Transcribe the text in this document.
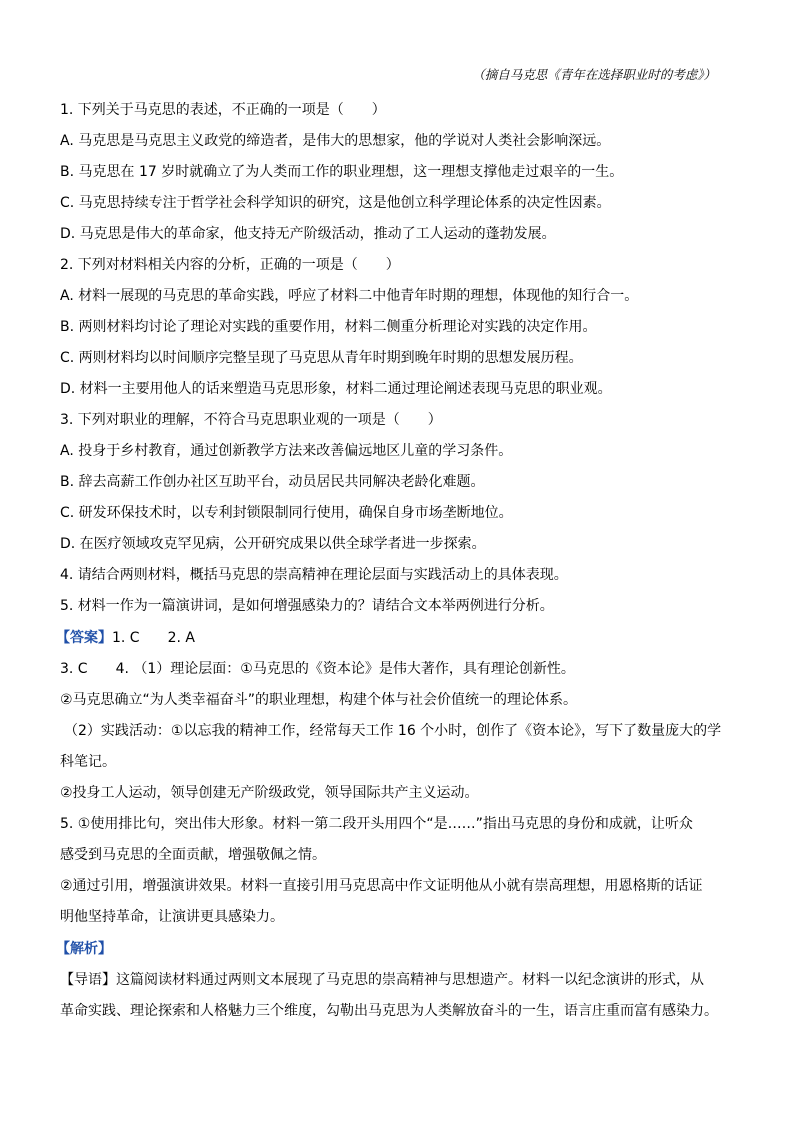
（摘自马克思《青年在选择职业时的考虑》）
1. 下列关于马克思的表述，不正确的一项是（　　）
A. 马克思是马克思主义政党的缔造者，是伟大的思想家，他的学说对人类社会影响深远。
B. 马克思在 17 岁时就确立了为人类而工作的职业理想，这一理想支撑他走过艰辛的一生。
C. 马克思持续专注于哲学社会科学知识的研究，这是他创立科学理论体系的决定性因素。
D. 马克思是伟大的革命家，他支持无产阶级活动，推动了工人运动的蓬勃发展。
2. 下列对材料相关内容的分析，正确的一项是（　　）
A. 材料一展现的马克思的革命实践，呼应了材料二中他青年时期的理想，体现他的知行合一。
B. 两则材料均讨论了理论对实践的重要作用，材料二侧重分析理论对实践的决定作用。
C. 两则材料均以时间顺序完整呈现了马克思从青年时期到晚年时期的思想发展历程。
D. 材料一主要用他人的话来塑造马克思形象，材料二通过理论阐述表现马克思的职业观。
3. 下列对职业的理解，不符合马克思职业观的一项是（　　）
A. 投身于乡村教育，通过创新教学方法来改善偏远地区儿童的学习条件。
B. 辞去高薪工作创办社区互助平台，动员居民共同解决老龄化难题。
C. 研发环保技术时，以专利封锁限制同行使用，确保自身市场垄断地位。
D. 在医疗领域攻克罕见病，公开研究成果以供全球学者进一步探索。
4. 请结合两则材料，概括马克思的崇高精神在理论层面与实践活动上的具体表现。
5. 材料一作为一篇演讲词，是如何增强感染力的？请结合文本举两例进行分析。
【答案】1. C　　2. A
3. C　　4. （1）理论层面：①马克思的《资本论》是伟大著作，具有理论创新性。
②马克思确立“为人类幸福奋斗”的职业理想，构建个体与社会价值统一的理论体系。
（2）实践活动：①以忘我的精神工作，经常每天工作 16 个小时，创作了《资本论》，写下了数量庞大的学
科笔记。
②投身工人运动，领导创建无产阶级政党，领导国际共产主义运动。
5. ①使用排比句，突出伟大形象。材料一第二段开头用四个“是……”指出马克思的身份和成就，让听众
感受到马克思的全面贡献，增强敬佩之情。
②通过引用，增强演讲效果。材料一直接引用马克思高中作文证明他从小就有崇高理想，用恩格斯的话证
明他坚持革命，让演讲更具感染力。
【解析】
【导语】这篇阅读材料通过两则文本展现了马克思的崇高精神与思想遗产。材料一以纪念演讲的形式，从
革命实践、理论探索和人格魅力三个维度，勾勒出马克思为人类解放奋斗的一生，语言庄重而富有感染力。
